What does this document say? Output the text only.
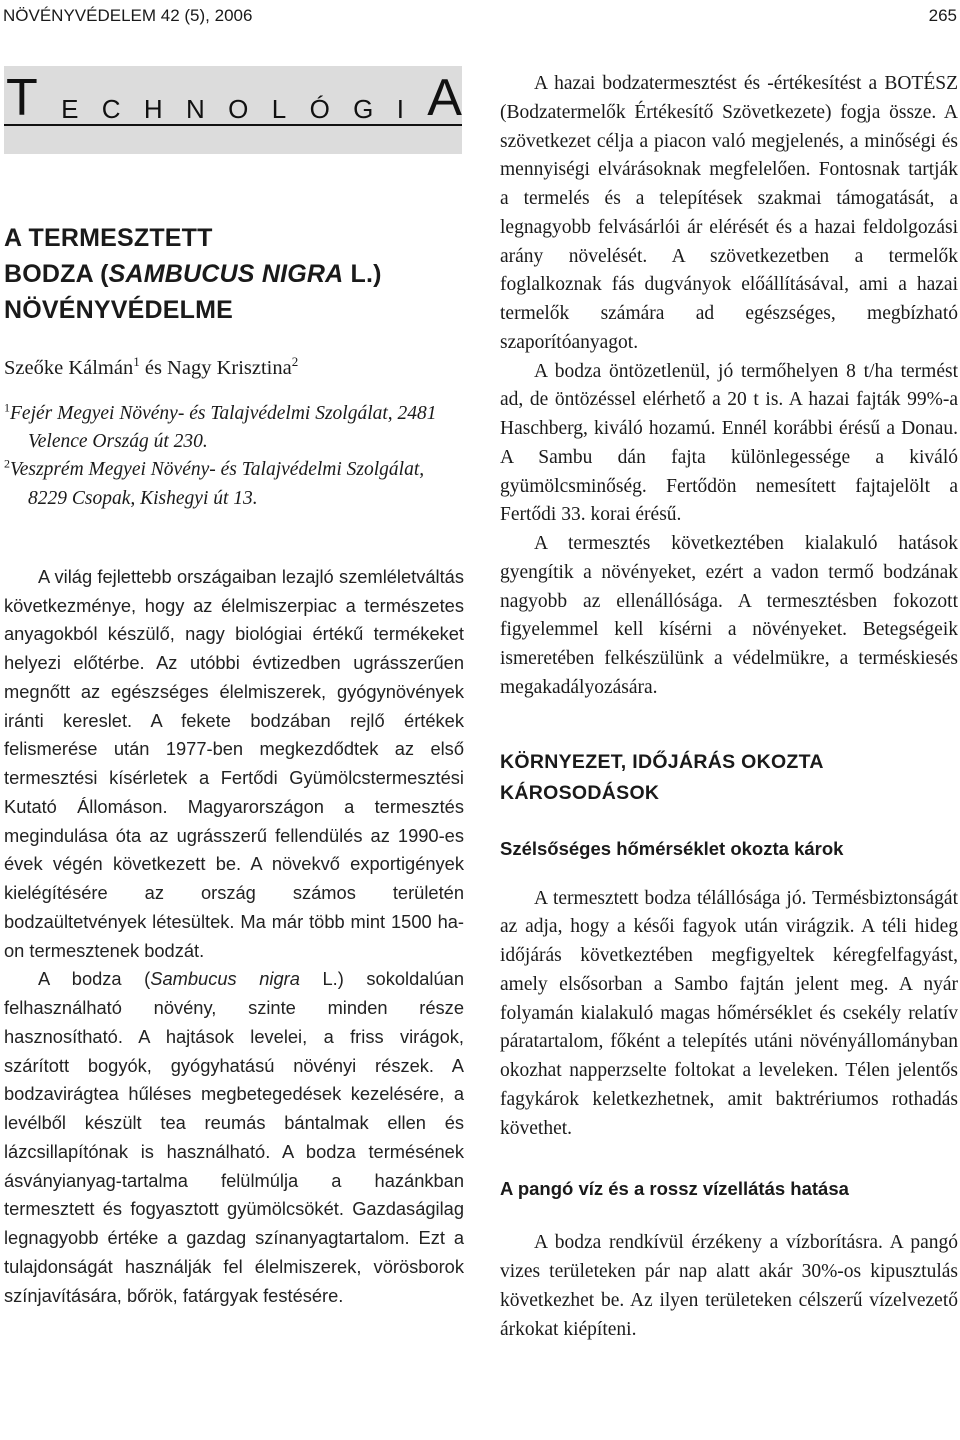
NÖVÉNYVÉDELEM 42 (5), 2006	265
T E C H N O L Ó G I A
A TERMESZTETT
BODZA (SAMBUCUS NIGRA L.)
NÖVÉNYVÉDELME
Szeőke Kálmán$^1$ és Nagy Krisztina$^2$
$^1$Fejér Megyei Növény- és Talajvédelmi Szolgálat, 2481 Velence Ország út 230.
$^2$Veszprém Megyei Növény- és Talajvédelmi Szolgálat, 8229 Csopak, Kishegyi út 13.

A világ fejlettebb országaiban lezajló szemléletváltás következménye, hogy az élelmiszerpiac a természetes anyagokból készülő, nagy biológiai értékű termékeket helyezi előtérbe. Az utóbbi évtizedben ugrásszerűen megnőtt az egészséges élelmiszerek, gyógynövények iránti kereslet. A fekete bodzában rejlő értékek felismerése után 1977-ben megkezdődtek az első termesztési kísérletek a Fertődi Gyümölcstermesztési Kutató Állomáson. Magyarországon a termesztés megindulása óta az ugrásszerű fellendülés az 1990-es évek végén következett be. A növekvő exportigények kielégítésére az ország számos területén bodzaültetvények létesültek. Ma már több mint 1500 ha-on termesztenek bodzát.

A bodza (Sambucus nigra L.) sokoldalúan felhasználható növény, szinte minden része hasznosítható. A hajtások levelei, a friss virágok, szárított bogyók, gyógyhatású növényi részek. A bodzavirágtea hűléses megbetegedések kezelésére, a levélből készült tea reumás bántalmak ellen és lázcsillapítónak is használható. A bodza termésének ásványianyag-tartalma felülmúlja a hazánkban termesztett és fogyasztott gyümölcsökét. Gazdaságilag legnagyobb értéke a gazdag színanyagtartalom. Ezt a tulajdonságát használják fel élelmiszerek, vörösborok színjavítására, bőrök, fatárgyak festésére.

A hazai bodzatermesztést és -értékesítést a BOTÉSZ (Bodzatermelők Értékesítő Szövetkezete) fogja össze. A szövetkezet célja a piacon való megjelenés, a minőségi és mennyiségi elvárásoknak megfelelően. Fontosnak tartják a termelés és a telepítések szakmai támogatását, a legnagyobb felvásárlói ár elérését és a hazai feldolgozási arány növelését. A szövetkezetben a termelők foglalkoznak fás dugványok előállításával, ami a hazai termelők számára ad egészséges, megbízható szaporítóanyagot.

A bodza öntözetlenül, jó termőhelyen 8 t/ha termést ad, de öntözéssel elérhető a 20 t is. A hazai fajták 99%-a Haschberg, kiváló hozamú. Ennél korábbi érésű a Donau. A Sambu dán fajta különlegessége a kiváló gyümölcsminőség. Fertődön nemesített fajtajelölt a Fertődi 33. korai érésű.

A termesztés következtében kialakuló hatások gyengítik a növényeket, ezért a vadon termő bodzának nagyobb az ellenállósága. A termesztésben fokozott figyelemmel kell kísérni a növényeket. Betegségeik ismeretében felkészülünk a védelmükre, a terméskiesés megakadályozására.

KÖRNYEZET, IDŐJÁRÁS OKOZTA
KÁROSODÁSOK
Szélsőséges hőmérséklet okozta károk

A termesztett bodza télállósága jó. Termésbiztonságát az adja, hogy a késői fagyok után virágzik. A téli hideg időjárás következtében megfigyeltek kéregfelfagyást, amely elsősorban a Sambo fajtán jelent meg. A nyár folyamán kialakuló magas hőmérséklet és csekély relatív páratartalom, főként a telepítés utáni növényállományban okozhat napperzselte foltokat a leveleken. Télen jelentős fagykárok keletkezhetnek, amit baktrériumos rothadás követhet.

A pangó víz és a rossz vízellátás hatása

A bodza rendkívül érzékeny a vízborításra. A pangó vizes területeken pár nap alatt akár 30%-os kipusztulás következhet be. Az ilyen területeken célszerű vízelvezető árkokat kiépíteni.
